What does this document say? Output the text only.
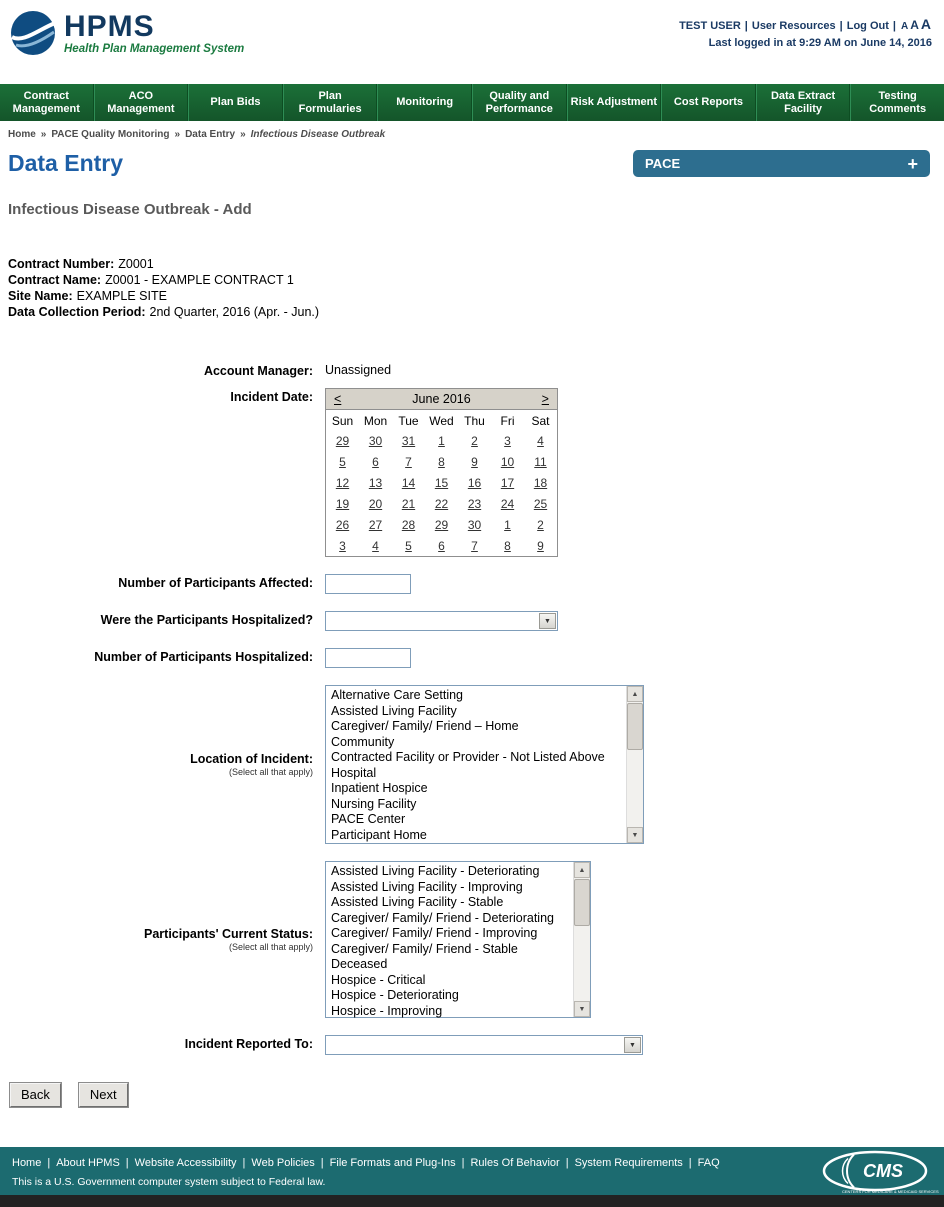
HPMS
Health Plan Management System
TEST USER	| User Resources	| Log Out | A A A
Last logged in at 9:29 AM on June 14, 2016
Contract Management
ACO Management
Plan Bids
Plan Formularies
Monitoring
Quality and Performance
Risk Adjustment	Cost Reports
Data Extract Facility
Testing Comments
Home	» PACE Quality Monitoring	» Data Entry	» Infectious Disease Outbreak
Data Entry	PACE	+
Infectious Disease Outbreak - Add
Contract Number: Z0001
Contract Name: Z0001 - EXAMPLE CONTRACT 1
Site Name: EXAMPLE SITE
Data Collection Period: 2nd Quarter, 2016 (Apr. - Jun.)
Account Manager: Unassigned
Incident Date:	<	June 2016	>
Sun Mon Tue Wed Thu	Fri	Sat
29	30	31	1	2	3	4
5	6	7	8	9	10	11
12	13	14	15	16	17	18
19	20	21	22	23	24	25
26	27	28	29	30	1	2
3	4	5	6	7	8	9
Number of Participants Affected:
Were the Participants Hospitalized?	▼
Number of Participants Hospitalized:
Location of Incident:
(Select all that apply)
Alternative Care Setting
Assisted Living Facility
Caregiver/ Family/ Friend – Home
Community
Contracted Facility or Provider - Not Listed Above
Hospital
Inpatient Hospice
Nursing Facility
PACE Center
Participant Home
▲
▼
Participants' Current Status:
(Select all that apply)
Assisted Living Facility - Deteriorating
Assisted Living Facility - Improving
Assisted Living Facility - Stable
Caregiver/ Family/ Friend - Deteriorating
Caregiver/ Family/ Friend - Improving
Caregiver/ Family/ Friend - Stable
Deceased
Hospice - Critical
Hospice - Deteriorating
Hospice - Improving
▲
▼
Incident Reported To:	▼
Back	Next
Home	| About HPMS	| Website Accessibility	| Web Policies	| File Formats and Plug-Ins	| Rules Of Behavior	| System Requirements	| FAQ
This is a U.S. Government computer system subject to Federal law.
CMS
CENTERS FOR MEDICARE & MEDICAID SERVICES
